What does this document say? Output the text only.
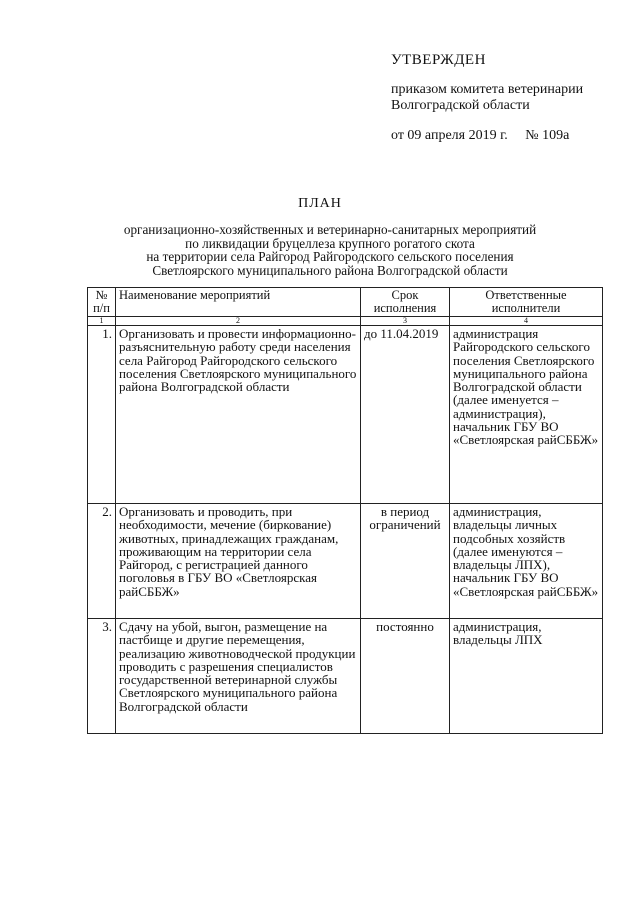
УТВЕРЖДЕН
приказом комитета ветеринарии
Волгоградской области
от 09 апреля 2019 г. № 109а
ПЛАН
организационно-хозяйственных и ветеринарно-санитарных мероприятий
по ликвидации бруцеллеза крупного рогатого скота
на территории села Райгород Райгородского сельского поселения
Светлоярского муниципального района Волгоградской области
№ п/п	Наименование мероприятий	Срок исполнения	Ответственные исполнители
1	2	3	4
1.	Организовать и провести информационно-разъяснительную работу среди населения села Райгород Райгородского сельского поселения Светлоярского муниципального района Волгоградской области	до 11.04.2019	администрация Райгородского сельского поселения Светлоярского муниципального района Волгоградской области (далее именуется – администрация), начальник ГБУ ВО «Светлоярская райСББЖ»
2.	Организовать и проводить, при необходимости, мечение (биркование) животных, принадлежащих гражданам, проживающим на территории села Райгород, с регистрацией данного поголовья в ГБУ ВО «Светлоярская райСББЖ»	в период ограничений	администрация, владельцы личных подсобных хозяйств (далее именуются – владельцы ЛПХ), начальник ГБУ ВО «Светлоярская райСББЖ»
3.	Сдачу на убой, выгон, размещение на пастбище и другие перемещения, реализацию животноводческой продукции проводить с разрешения специалистов государственной ветеринарной службы Светлоярского муниципального района Волгоградской области	постоянно	администрация, владельцы ЛПХ
